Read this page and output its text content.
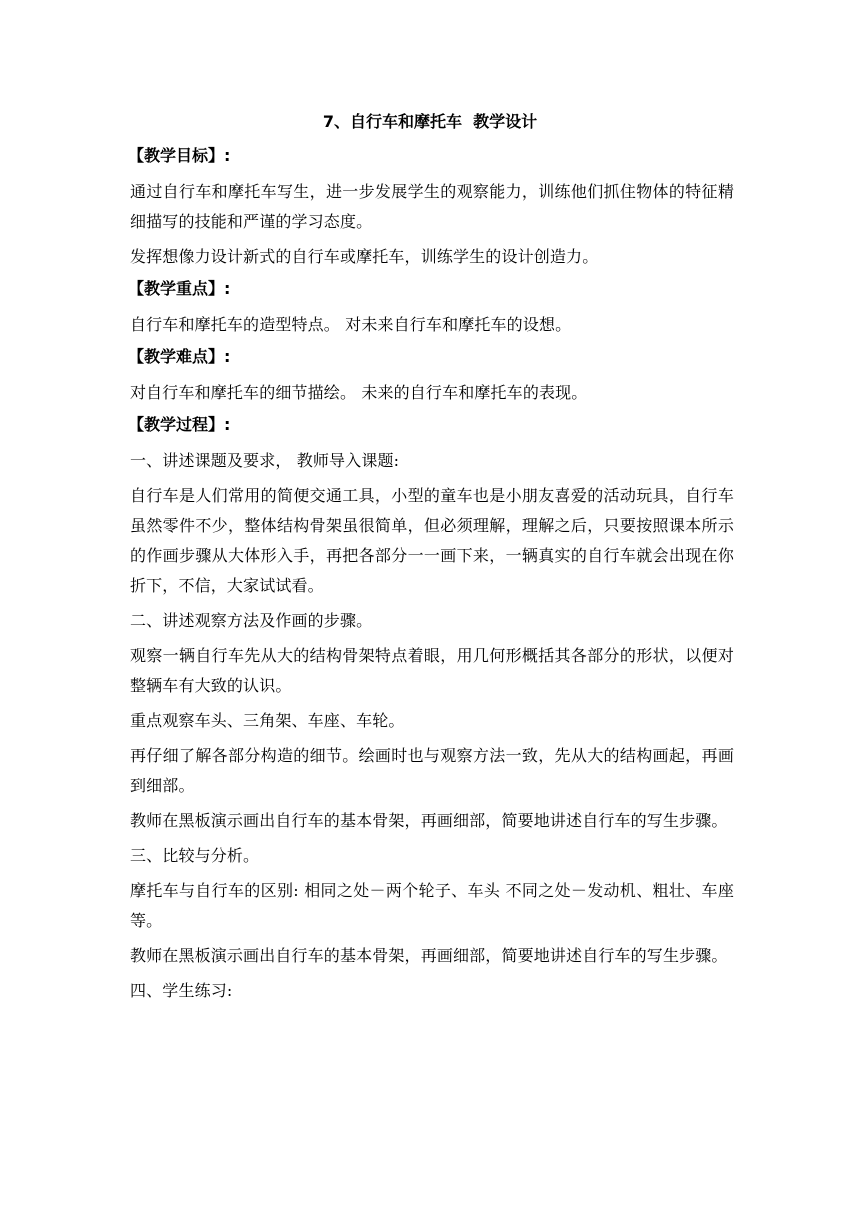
7、自行车和摩托车  教学设计
【教学目标】:

通过自行车和摩托车写生，进一步发展学生的观察能力，训练他们抓住物体的特征精细描写的技能和严谨的学习态度。

发挥想像力设计新式的自行车或摩托车，训练学生的设计创造力。

【教学重点】:

自行车和摩托车的造型特点。 对未来自行车和摩托车的设想。

【教学难点】:

对自行车和摩托车的细节描绘。 未来的自行车和摩托车的表现。

【教学过程】:

一、讲述课题及要求， 教师导入课题:

自行车是人们常用的简便交通工具，小型的童车也是小朋友喜爱的活动玩具，自行车虽然零件不少，整体结构骨架虽很简单，但必须理解，理解之后，只要按照课本所示的作画步骤从大体形入手，再把各部分一一画下来，一辆真实的自行车就会出现在你折下，不信，大家试试看。

二、讲述观察方法及作画的步骤。

观察一辆自行车先从大的结构骨架特点着眼，用几何形概括其各部分的形状，以便对整辆车有大致的认识。

重点观察车头、三角架、车座、车轮。

再仔细了解各部分构造的细节。绘画时也与观察方法一致，先从大的结构画起，再画到细部。

教师在黑板演示画出自行车的基本骨架，再画细部，简要地讲述自行车的写生步骤。

三、比较与分析。

摩托车与自行车的区别: 相同之处－两个轮子、车头 不同之处－发动机、粗壮、车座等。

教师在黑板演示画出自行车的基本骨架，再画细部，简要地讲述自行车的写生步骤。

四、学生练习:
